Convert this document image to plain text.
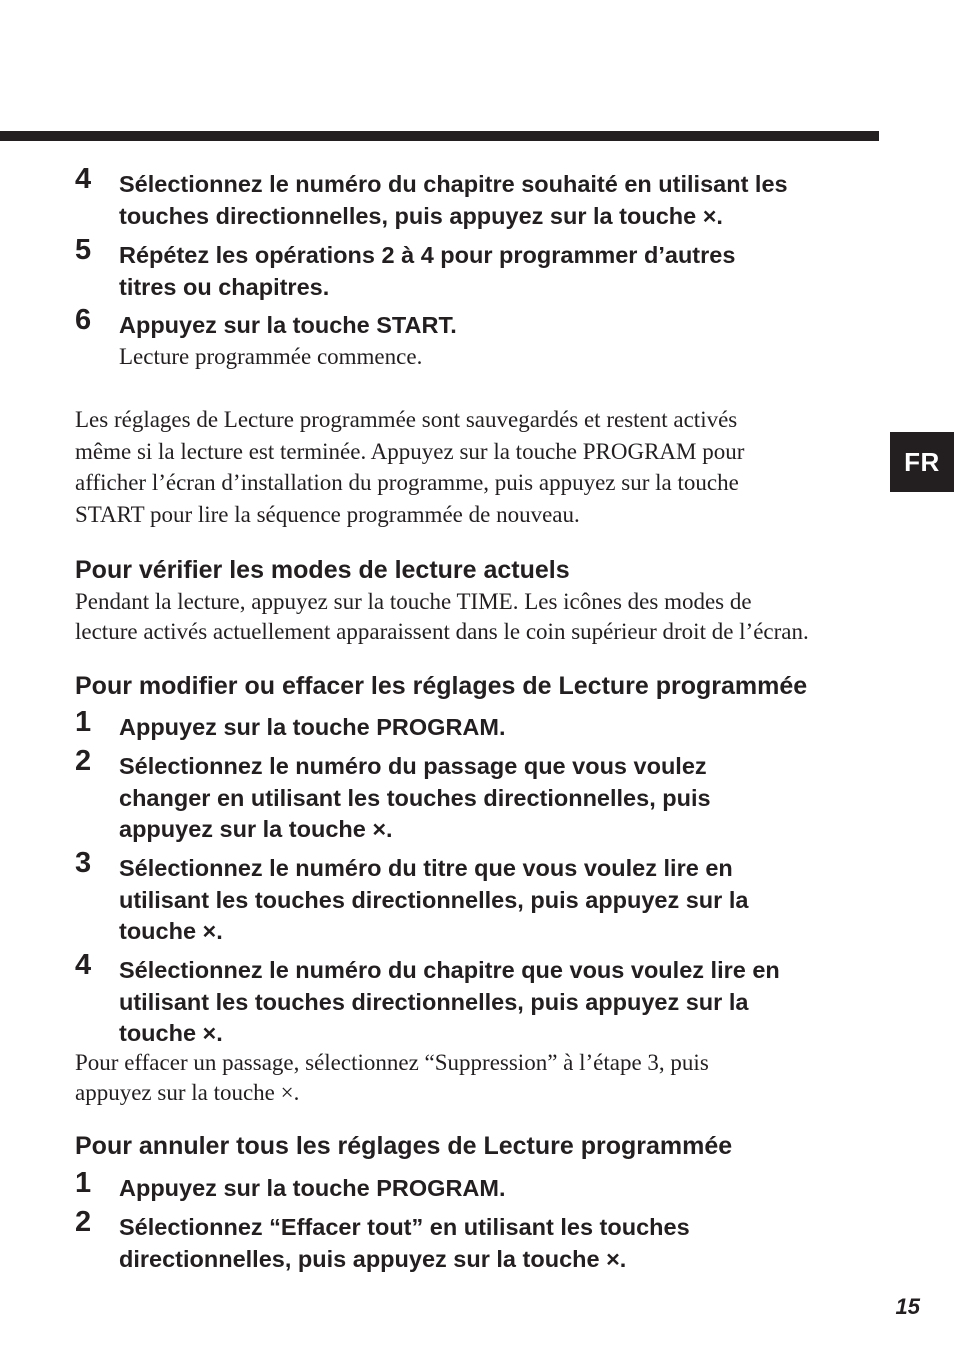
FR
4 Sélectionnez le numéro du chapitre souhaité en utilisant les
touches directionnelles, puis appuyez sur la touche ×.
5 Répétez les opérations 2 à 4 pour programmer d’autres
titres ou chapitres.
6 Appuyez sur la touche START.
Lecture programmée commence.
Les réglages de Lecture programmée sont sauvegardés et restent activés
même si la lecture est terminée. Appuyez sur la touche PROGRAM pour
afficher l’écran d’installation du programme, puis appuyez sur la touche
START pour lire la séquence programmée de nouveau.
Pour vérifier les modes de lecture actuels
Pendant la lecture, appuyez sur la touche TIME. Les icônes des modes de
lecture activés actuellement apparaissent dans le coin supérieur droit de l’écran.
Pour modifier ou effacer les réglages de Lecture programmée
1 Appuyez sur la touche PROGRAM.
2 Sélectionnez le numéro du passage que vous voulez
changer en utilisant les touches directionnelles, puis
appuyez sur la touche ×.
3 Sélectionnez le numéro du titre que vous voulez lire en
utilisant les touches directionnelles, puis appuyez sur la
touche ×.
4 Sélectionnez le numéro du chapitre que vous voulez lire en
utilisant les touches directionnelles, puis appuyez sur la
touche ×.
Pour effacer un passage, sélectionnez “Suppression” à l’étape 3, puis
appuyez sur la touche ×.
Pour annuler tous les réglages de Lecture programmée
1 Appuyez sur la touche PROGRAM.
2 Sélectionnez “Effacer tout” en utilisant les touches
directionnelles, puis appuyez sur la touche ×.
15
